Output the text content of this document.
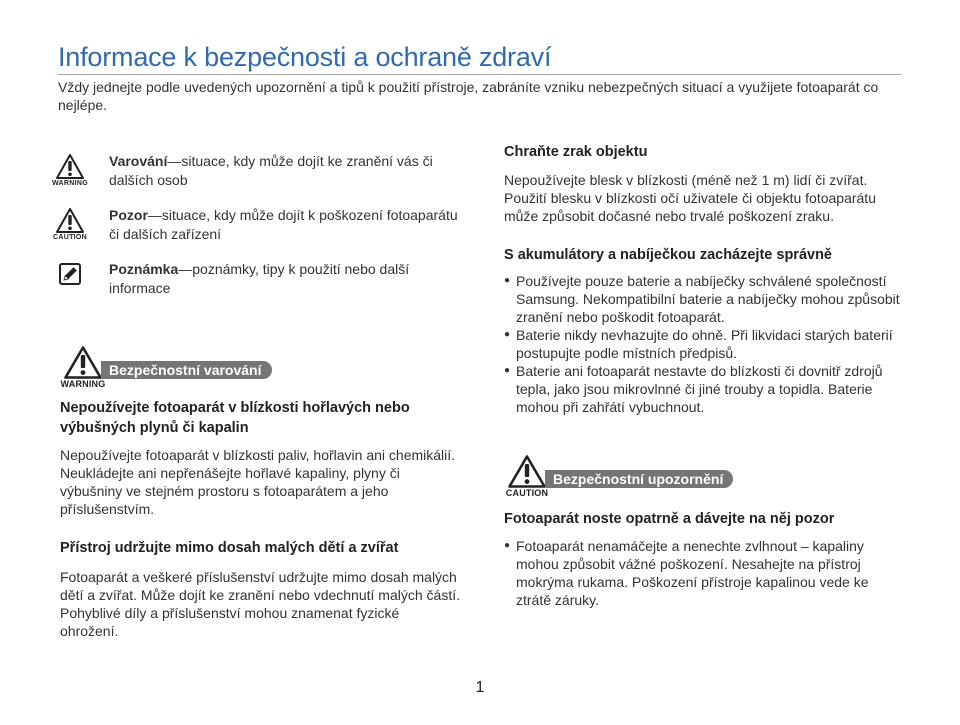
Informace k bezpečnosti a ochraně zdraví

Vždy jednejte podle uvedených upozornění a tipů k použití přístroje, zabráníte vzniku nebezpečných situací a využijete fotoaparát co nejlépe.

WARNING
Varování—situace, kdy může dojít ke zranění vás či dalších osob
CAUTION
Pozor—situace, kdy může dojít k poškození fotoaparátu či dalších zařízení
Poznámka—poznámky, tipy k použití nebo další informace
WARNING
Bezpečnostní varování
Nepoužívejte fotoaparát v blízkosti hořlavých nebo výbušných plynů či kapalin

Nepoužívejte fotoaparát v blízkosti paliv, hořlavin ani chemikálií. Neukládejte ani nepřenášejte hořlavé kapaliny, plyny či výbušniny ve stejném prostoru s fotoaparátem a jeho příslušenstvím.

Přístroj udržujte mimo dosah malých dětí a zvířat

Fotoaparát a veškeré příslušenství udržujte mimo dosah malých dětí a zvířat. Může dojít ke zranění nebo vdechnutí malých částí. Pohyblivé díly a příslušenství mohou znamenat fyzické ohrožení.

Chraňte zrak objektu

Nepoužívejte blesk v blízkosti (méně než 1 m) lidí či zvířat. Použití blesku v blízkosti očí uživatele či objektu fotoaparátu může způsobit dočasné nebo trvalé poškození zraku.

S akumulátory a nabíječkou zacházejte správně
● Používejte pouze baterie a nabíječky schválené společností Samsung. Nekompatibilní baterie a nabíječky mohou způsobit zranění nebo poškodit fotoaparát.
● Baterie nikdy nevhazujte do ohně. Při likvidaci starých baterií postupujte podle místních předpisů.
● Baterie ani fotoaparát nestavte do blízkosti či dovnitř zdrojů tepla, jako jsou mikrovlnné či jiné trouby a topidla. Baterie mohou při zahřátí vybuchnout.
CAUTION
Bezpečnostní upozornění
Fotoaparát noste opatrně a dávejte na něj pozor
● Fotoaparát nenamáčejte a nenechte zvlhnout – kapaliny mohou způsobit vážné poškození. Nesahejte na přístroj mokrýma rukama. Poškození přístroje kapalinou vede ke ztrátě záruky.
1
